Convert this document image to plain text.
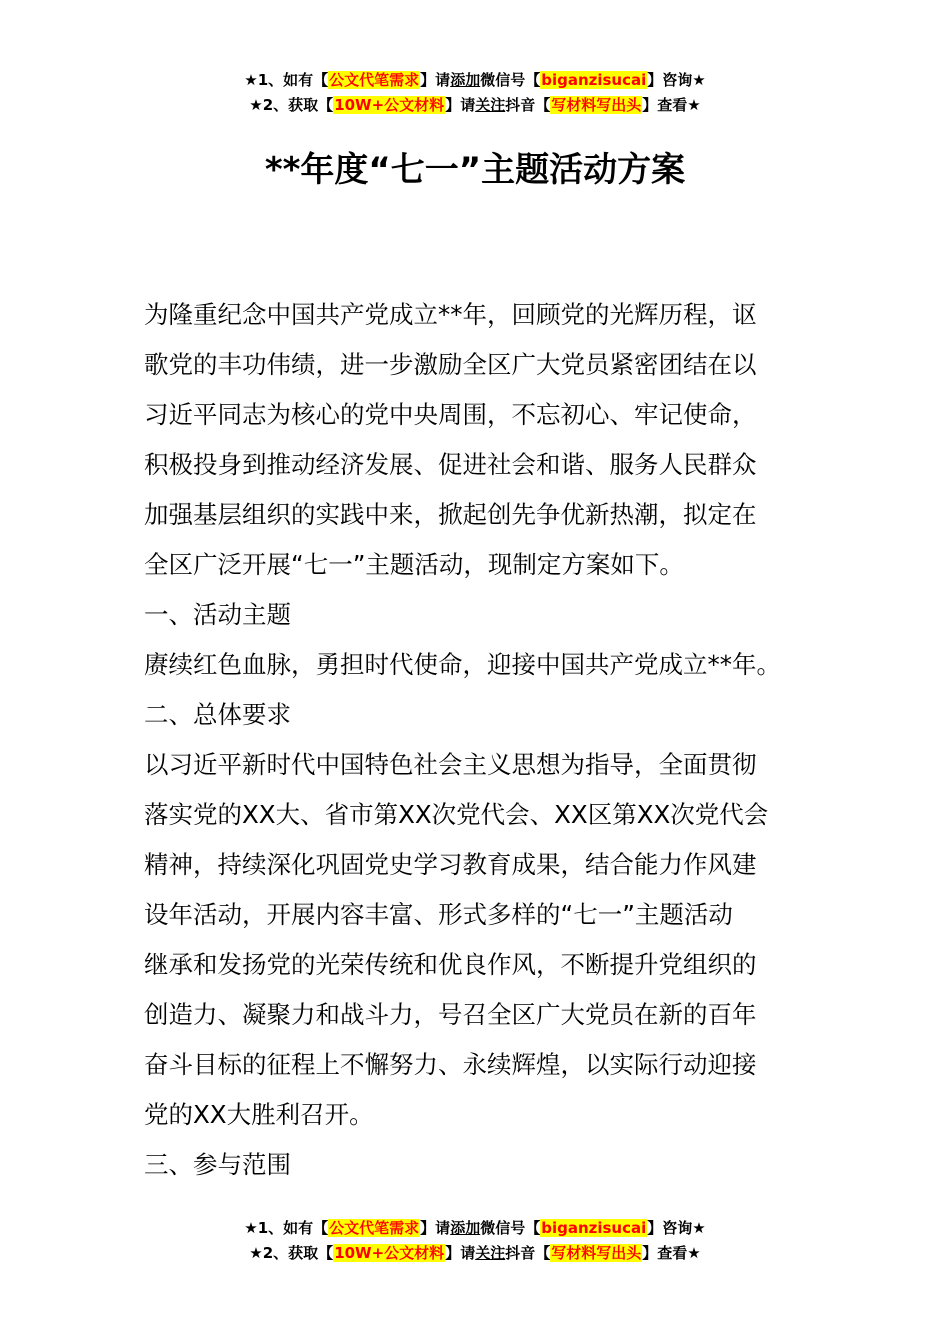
★1、如有【公文代笔需求】请添加微信号【biganzisucai】咨询★
★2、获取【10W+公文材料】请关注抖音【写材料写出头】查看★
**年度“七一”主题活动方案

为隆重纪念中国共产党成立**年，回顾党的光辉历程，讴

歌党的丰功伟绩，进一步激励全区广大党员紧密团结在以

习近平同志为核心的党中央周围，不忘初心、牢记使命，

积极投身到推动经济发展、促进社会和谐、服务人民群众

加强基层组织的实践中来，掀起创先争优新热潮，拟定在

全区广泛开展“七一”主题活动，现制定方案如下。

一、活动主题

赓续红色血脉，勇担时代使命，迎接中国共产党成立**年。

二、总体要求

以习近平新时代中国特色社会主义思想为指导，全面贯彻

落实党的XX大、省市第XX次党代会、XX区第XX次党代会

精神，持续深化巩固党史学习教育成果，结合能力作风建

设年活动，开展内容丰富、形式多样的“七一”主题活动

继承和发扬党的光荣传统和优良作风，不断提升党组织的

创造力、凝聚力和战斗力，号召全区广大党员在新的百年

奋斗目标的征程上不懈努力、永续辉煌，以实际行动迎接

党的XX大胜利召开。

三、参与范围

★1、如有【公文代笔需求】请添加微信号【biganzisucai】咨询★
★2、获取【10W+公文材料】请关注抖音【写材料写出头】查看★
